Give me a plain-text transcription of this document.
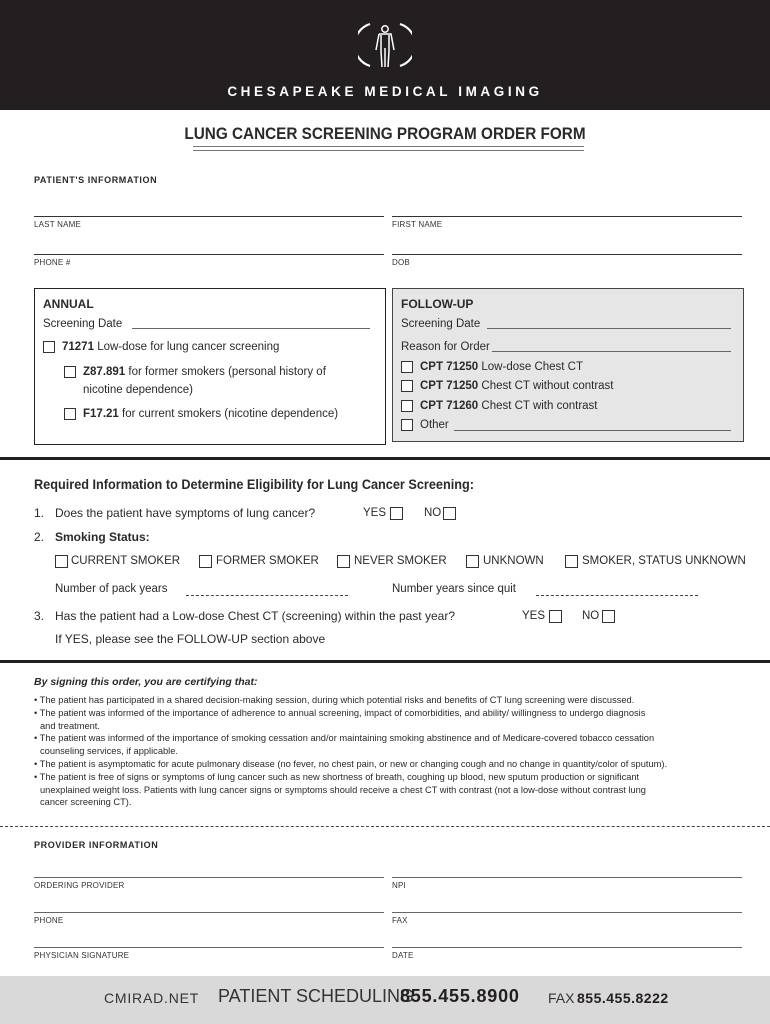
CHESAPEAKE MEDICAL IMAGING
LUNG CANCER SCREENING PROGRAM ORDER FORM
PATIENT'S INFORMATION
LAST NAME	FIRST NAME
PHONE #	DOB
ANNUAL
Screening Date
71271 Low-dose for lung cancer screening
Z87.891 for former smokers (personal history of
nicotine dependence)
F17.21 for current smokers (nicotine dependence)
FOLLOW-UP
Screening Date
Reason for Order
CPT 71250 Low-dose Chest CT
CPT 71250 Chest CT without contrast
CPT 71260 Chest CT with contrast
Other
Required Information to Determine Eligibility for Lung Cancer Screening:
1. Does the patient have symptoms of lung cancer?	YES	NO
2. Smoking Status:
CURRENT SMOKER	FORMER SMOKER	NEVER SMOKER	UNKNOWN	SMOKER, STATUS UNKNOWN
Number of pack years	Number years since quit
3. Has the patient had a Low-dose Chest CT (screening) within the past year?	YES	NO
If YES, please see the FOLLOW-UP section above
By signing this order, you are certifying that:
• The patient has participated in a shared decision-making session, during which potential risks and benefits of CT lung screening were discussed.
• The patient was informed of the importance of adherence to annual screening, impact of comorbidities, and ability/ willingness to undergo diagnosis
and treatment.
• The patient was informed of the importance of smoking cessation and/or maintaining smoking abstinence and of Medicare-covered tobacco cessation
counseling services, if applicable.
• The patient is asymptomatic for acute pulmonary disease (no fever, no chest pain, or new or changing cough and no change in quantity/color of sputum).
• The patient is free of signs or symptoms of lung cancer such as new shortness of breath, coughing up blood, new sputum production or significant
unexplained weight loss. Patients with lung cancer signs or symptoms should receive a chest CT with contrast (not a low-dose without contrast lung
cancer screening CT).
PROVIDER INFORMATION
ORDERING PROVIDER	NPI
PHONE	FAX
PHYSICIAN SIGNATURE	DATE
CMIRAD.NET PATIENT SCHEDULING
855.455.8900 FAX 855.455.8222
